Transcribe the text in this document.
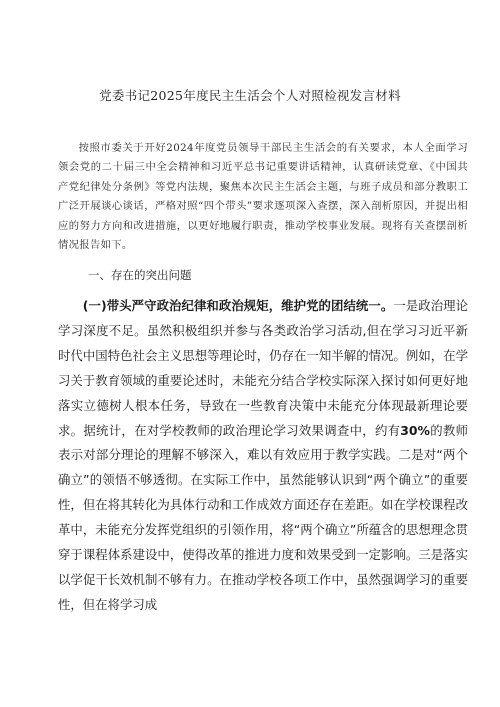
党委书记2025年度民主生活会个人对照检视发言材料
按照市委关于开好2024年度党员领导干部民主生活会的有关要求，本人全面学习领会党的二十届三中全会精神和习近平总书记重要讲话精神，认真研读党章、《中国共产党纪律处分条例》等党内法规，聚焦本次民主生活会主题，与班子成员和部分教职工广泛开展谈心谈话，严格对照“四个带头”要求逐项深入查摆，深入剖析原因，并提出相应的努力方向和改进措施，以更好地履行职责，推动学校事业发展。现将有关查摆剖析情况报告如下。
一、存在的突出问题
(一)带头严守政治纪律和政治规矩，维护党的团结统一。一是政治理论学习深度不足。虽然积极组织并参与各类政治学习活动,但在学习习近平新时代中国特色社会主义思想等理论时，仍存在一知半解的情况。例如，在学习关于教育领域的重要论述时，未能充分结合学校实际深入探讨如何更好地落实立德树人根本任务，导致在一些教育决策中未能充分体现最新理论要求。据统计，在对学校教师的政治理论学习效果调查中，约有30%的教师表示对部分理论的理解不够深入，难以有效应用于教学实践。二是对“两个确立”的领悟不够透彻。在实际工作中，虽然能够认识到“两个确立”的重要性，但在将其转化为具体行动和工作成效方面还存在差距。如在学校课程改革中，未能充分发挥党组织的引领作用，将“两个确立”所蕴含的思想理念贯穿于课程体系建设中，使得改革的推进力度和效果受到一定影响。三是落实以学促干长效机制不够有力。在推动学校各项工作中，虽然强调学习的重要性，但在将学习成
